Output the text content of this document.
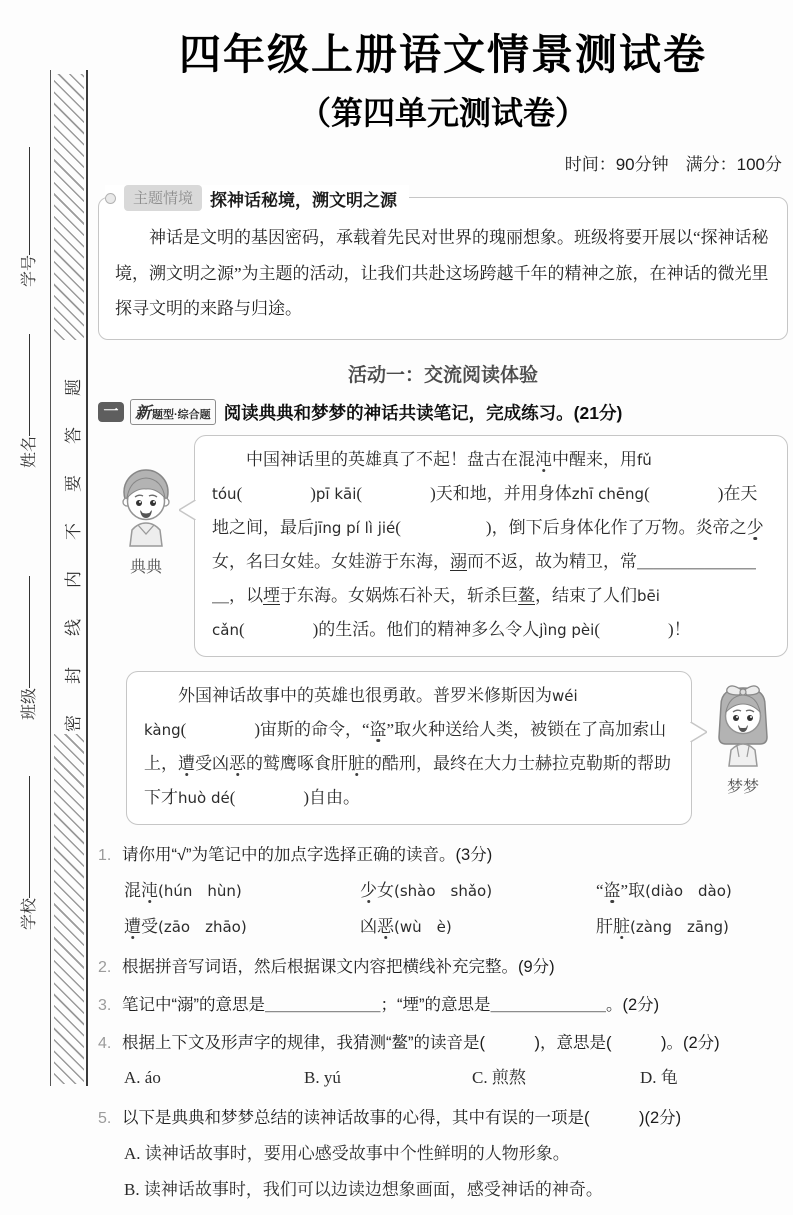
学号
姓名
班级
学校
密封线内不要答题
四年级上册语文情景测试卷
（第四单元测试卷）
时间：90分钟　满分：100分
主题情境	探神话秘境，溯文明之源

神话是文明的基因密码，承载着先民对世界的瑰丽想象。班级将要开展以“探神话秘境，溯文明之源”为主题的活动，让我们共赴这场跨越千年的精神之旅，在神话的微光里探寻文明的来路与归途。

活动一：交流阅读体验
一	新 题型·综合题 阅读典典和梦梦的神话共读笔记，完成练习。(21分)
典典

中国神话里的英雄真了不起！盘古在混沌中醒来，用fǔ tóu(　　　　)pī kāi(　　　　)天和地，并用身体zhī chēng(　　　　)在天地之间，最后jīng pí lì jié(　　　　　)，倒下后身体化作了万物。炎帝之少女，名曰女娃。女娃游于东海，溺而不返，故为精卫，常＿＿＿＿＿＿＿＿，以堙于东海。女娲炼石补天，斩杀巨鳌，结束了人们bēi cǎn(　　　　)的生活。他们的精神多么令人jìng pèi(　　　　)！

外国神话故事中的英雄也很勇敢。普罗米修斯因为wéi kàng(　　　　)宙斯的命令，“盗”取火种送给人类，被锁在了高加索山上，遭受凶恶的鹫鹰啄食肝脏的酷刑，最终在大力士赫拉克勒斯的帮助下才huò dé(　　　　)自由。

梦梦
1. 请你用“√”为笔记中的加点字选择正确的读音。(3分)
混沌(hún　hùn)	少女(shào　shǎo)	“盗”取(diào　dào)
遭受(zāo　zhāo)	凶恶(wù　è)	肝脏(zàng　zāng)
2. 根据拼音写词语，然后根据课文内容把横线补充完整。(9分)
3. 笔记中“溺”的意思是＿＿＿＿＿＿＿；“堙”的意思是＿＿＿＿＿＿＿。(2分)
4. 根据上下文及形声字的规律，我猜测“鳌”的读音是(　　　)，意思是(　　　)。(2分)
A. áo	B. yú	C. 煎熬	D. 龟
5. 以下是典典和梦梦总结的读神话故事的心得，其中有误的一项是(　　　)(2分)
A. 读神话故事时，要用心感受故事中个性鲜明的人物形象。
B. 读神话故事时，我们可以边读边想象画面，感受神话的神奇。
